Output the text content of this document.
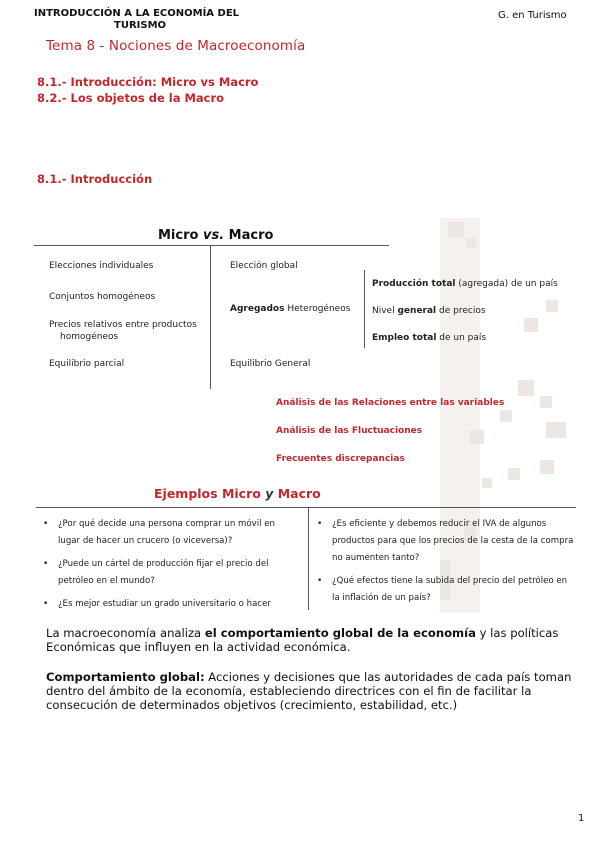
INTRODUCCIÓN A LA ECONOMÍA DEL
TURISMO
G. en Turismo
Tema 8 - Nociones de Macroeconomía
8.1.- Introducción: Micro vs Macro
8.2.- Los objetos de la Macro
8.1.- Introducción
Micro vs. Macro
Elecciones individuales
Conjuntos homogéneos
Precios relativos entre productos
homogéneos
Equilibrio parcial
Elección global
Agregados Heterogéneos
Equilibrio General
Producción total (agregada) de un país
Nivel general de precios
Empleo total de un país
Análisis de las Relaciones entre las variables
Análisis de las Fluctuaciones
Frecuentes discrepancias
Ejemplos Micro y Macro
• ¿Por qué decide una persona comprar un móvil en lugar de hacer un crucero (o viceversa)?
• ¿Puede un cártel de producción fijar el precio del petróleo en el mundo?
• ¿Es mejor estudiar un grado universitario o hacer
• ¿Es eficiente y debemos reducir el IVA de algunos productos para que los precios de la cesta de la compra no aumenten tanto?
• ¿Qué efectos tiene la subida del precio del petróleo en la inflación de un país?
La macroeconomía analiza el comportamiento global de la economía y las políticas Económicas que influyen en la actividad económica.
Comportamiento global: Acciones y decisiones que las autoridades de cada país toman dentro del ámbito de la economía, estableciendo directrices con el fin de facilitar la consecución de determinados objetivos (crecimiento, estabilidad, etc.)
1
